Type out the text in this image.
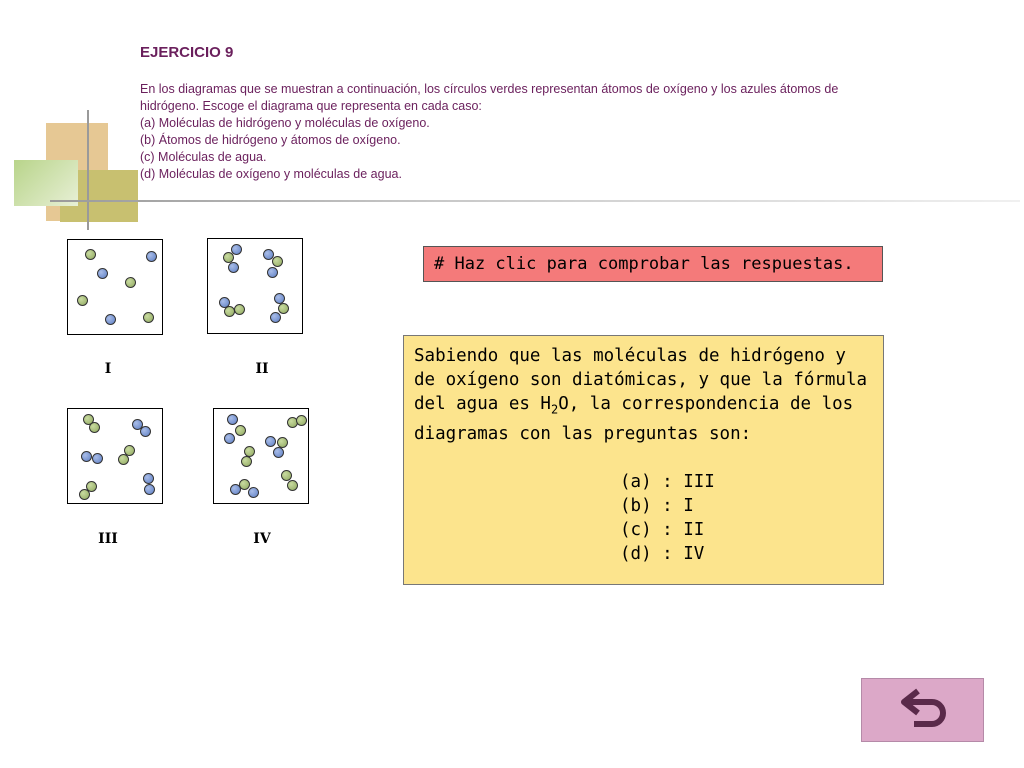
EJERCICIO 9

En los diagramas que se muestran a continuación, los círculos verdes representan átomos de oxígeno y los azules átomos de

hidrógeno. Escoge el diagrama que representa en cada caso:

(a) Moléculas de hidrógeno y moléculas de oxígeno.

(b) Átomos de hidrógeno y átomos de oxígeno.

(c) Moléculas de agua.

(d) Moléculas de oxígeno y moléculas de agua.

I	II
III	IV
# Haz clic para comprobar las respuestas.

Sabiendo que las moléculas de hidrógeno y

de oxígeno son diatómicas, y que la fórmula

del agua es $H_2O$, la correspondencia de los

diagramas con las preguntas son:

(a) : III

(b) : I

(c) : II

(d) : IV
